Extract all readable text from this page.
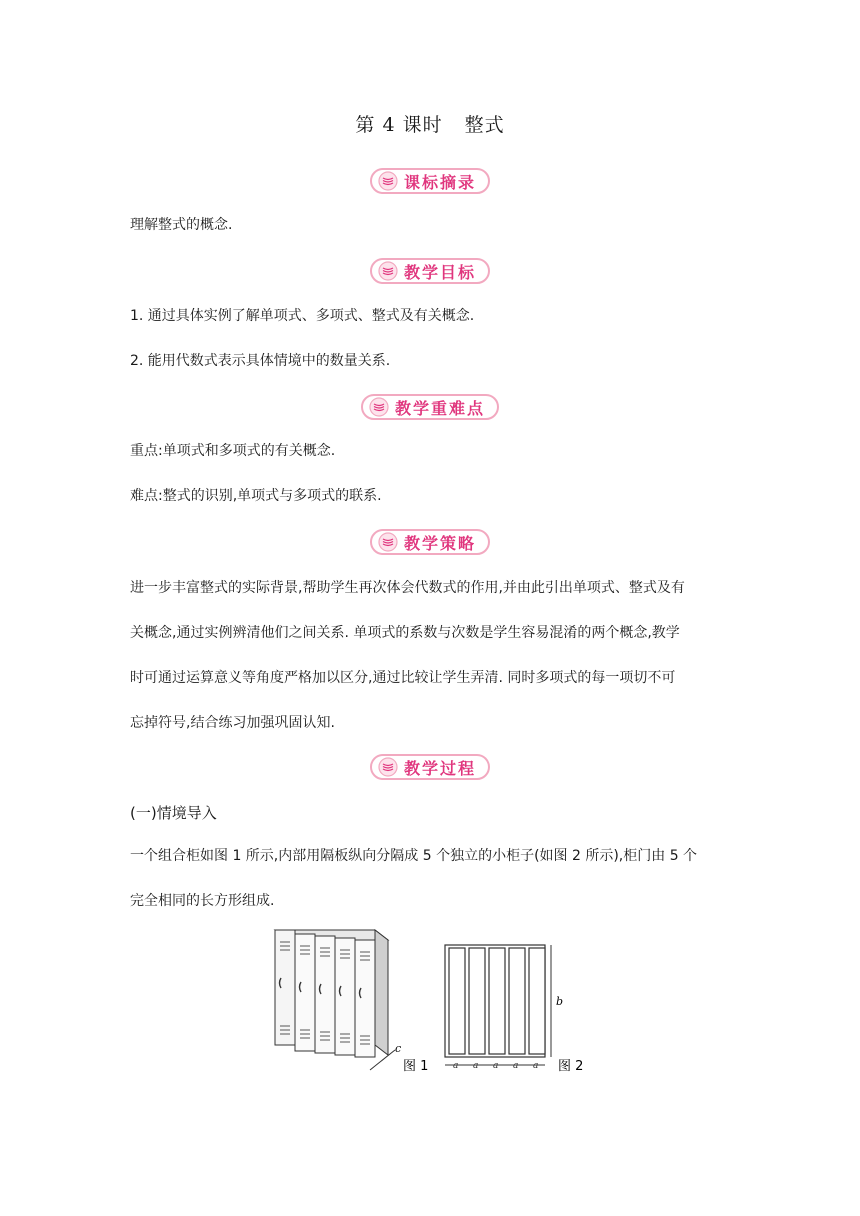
第 4 课时 整式
课标摘录
理解整式的概念.
教学目标
1. 通过具体实例了解单项式、多项式、整式及有关概念.
2. 能用代数式表示具体情境中的数量关系.
教学重难点
重点:单项式和多项式的有关概念.
难点:整式的识别,单项式与多项式的联系.
教学策略
进一步丰富整式的实际背景,帮助学生再次体会代数式的作用,并由此引出单项式、整式及有
关概念,通过实例辨清他们之间关系. 单项式的系数与次数是学生容易混淆的两个概念,教学
时可通过运算意义等角度严格加以区分,通过比较让学生弄清. 同时多项式的每一项切不可
忘掉符号,结合练习加强巩固认知.
教学过程
(一)情境导入
一个组合柜如图 1 所示,内部用隔板纵向分隔成 5 个独立的小柜子(如图 2 所示),柜门由 5 个
完全相同的长方形组成.
c
图 1
b
a a a a a 图 2
